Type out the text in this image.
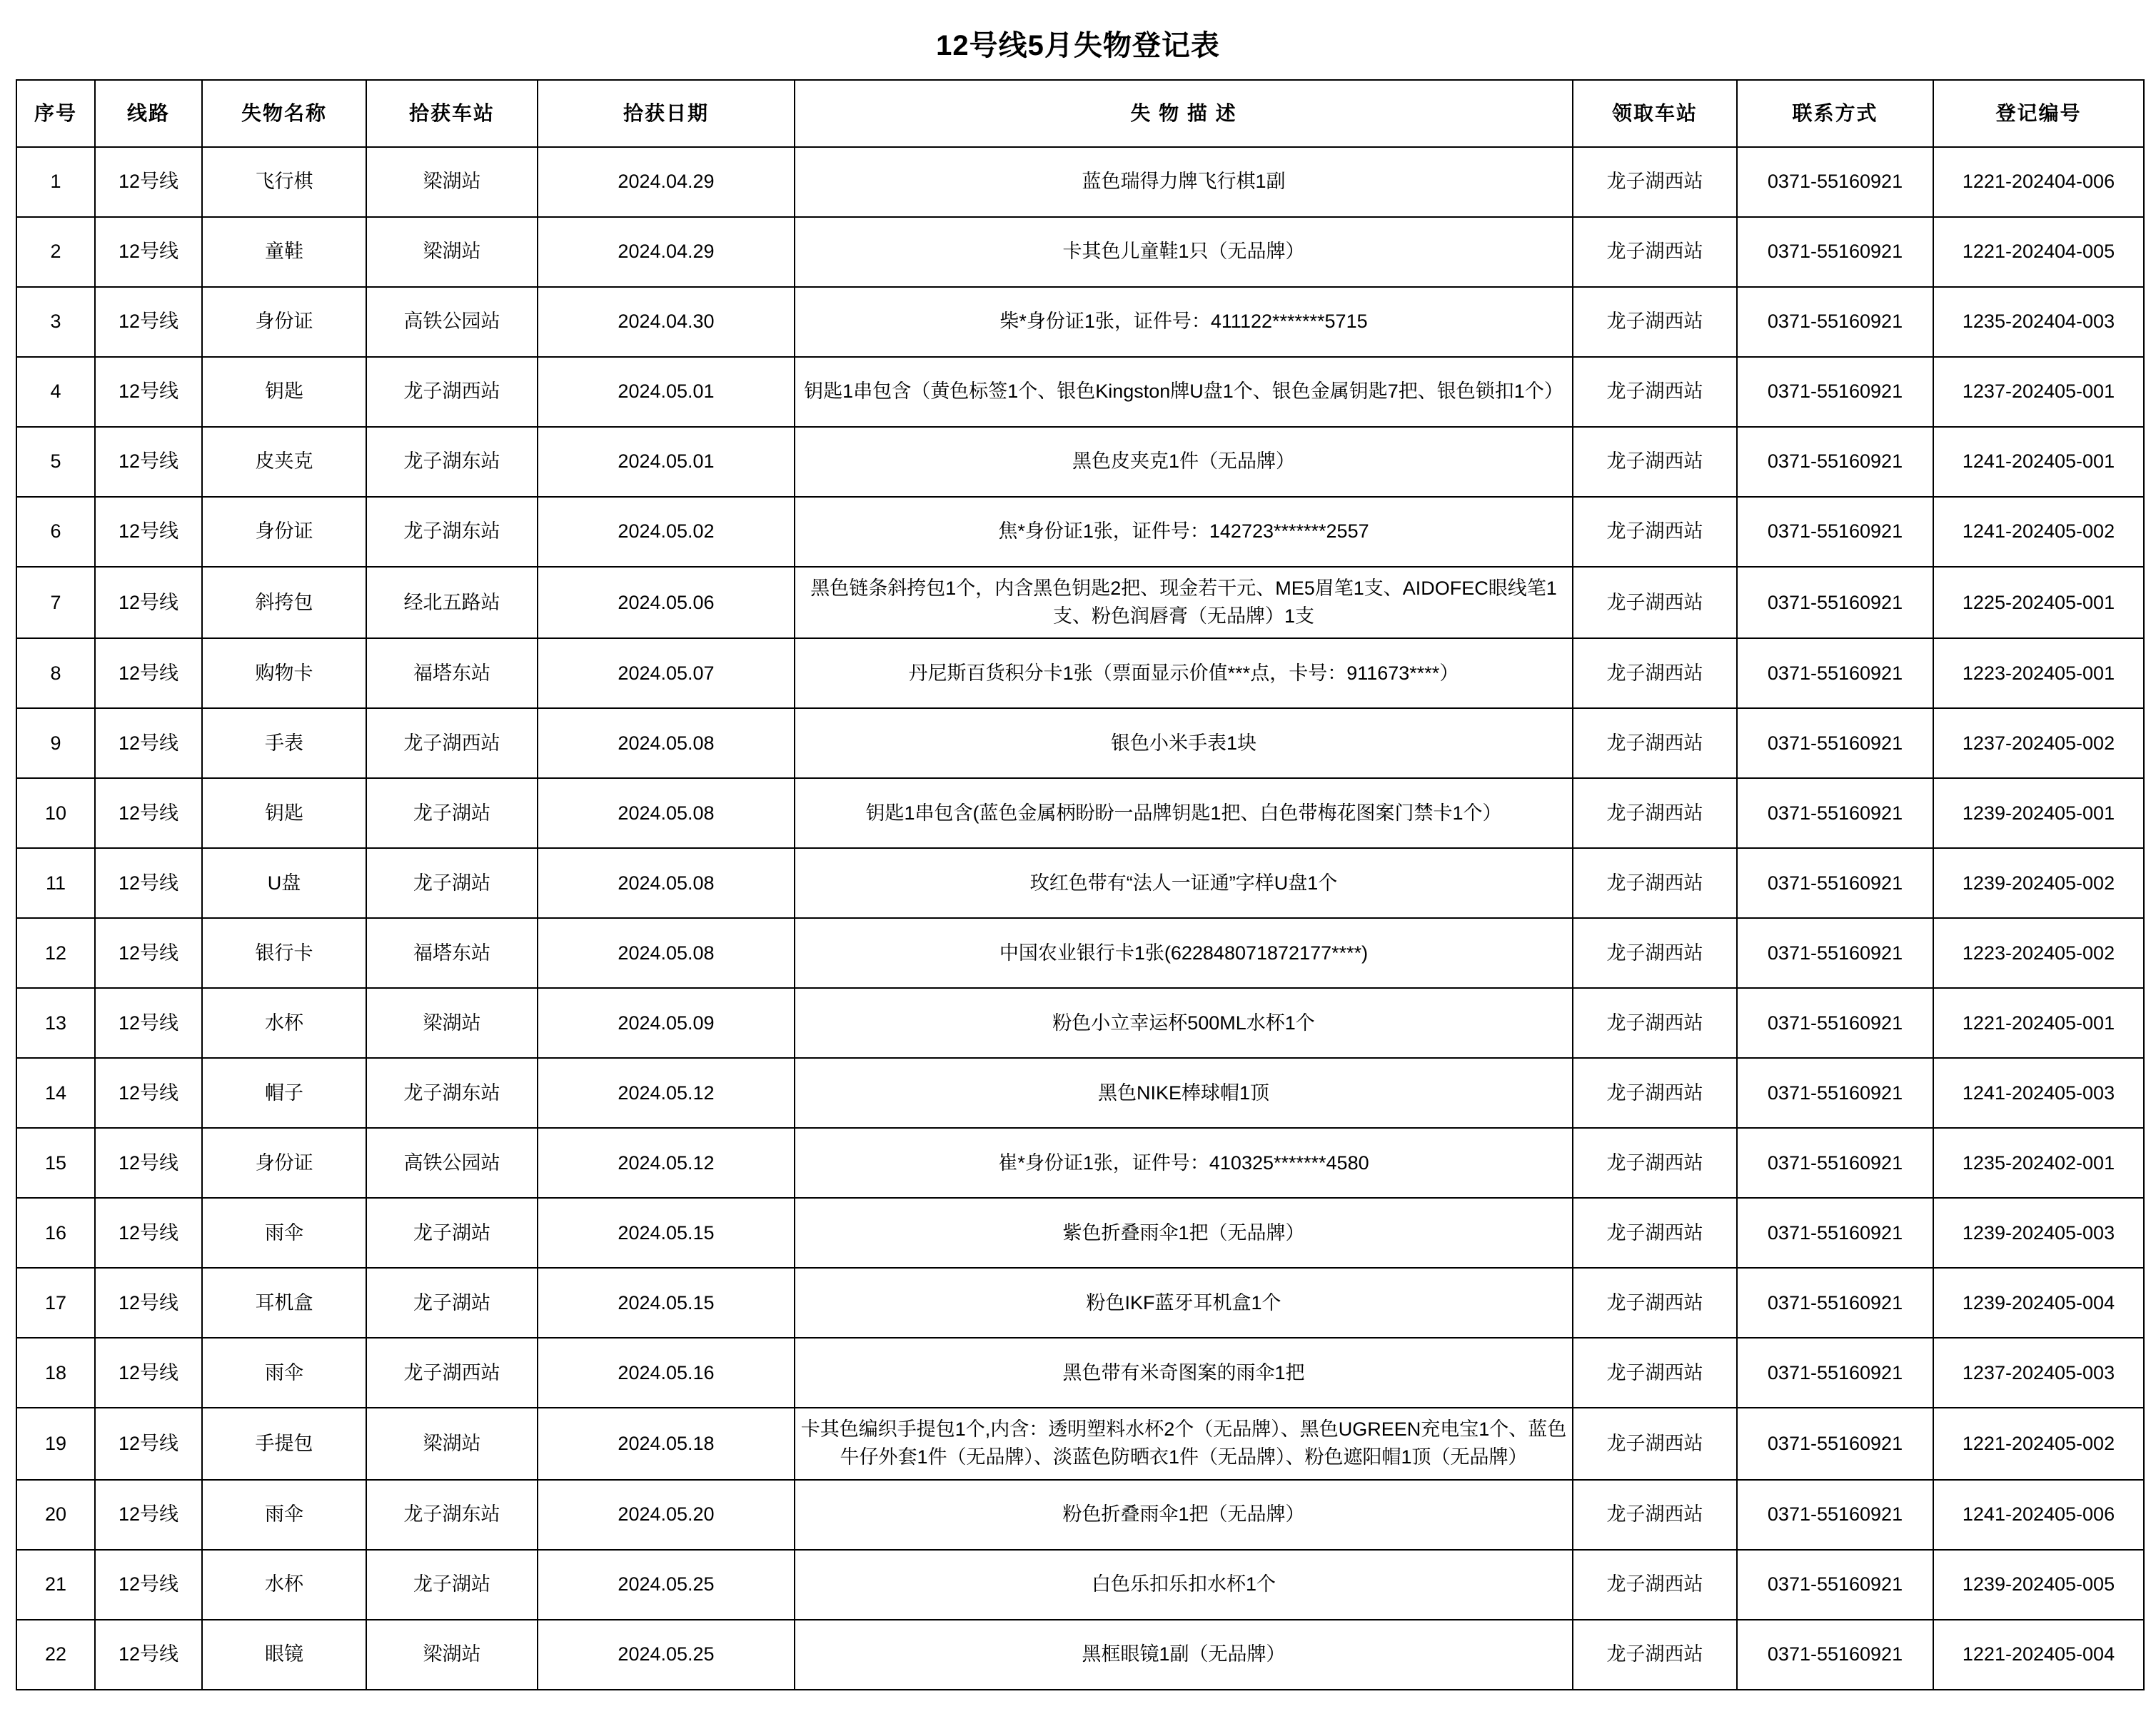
12号线5月失物登记表
序号	线路	失物名称	拾获车站	拾获日期	失 物 描 述	领取车站	联系方式	登记编号
1	12号线	飞行棋	梁湖站	2024.04.29	蓝色瑞得力牌飞行棋1副	龙子湖西站	0371-55160921	1221-202404-006
2	12号线	童鞋	梁湖站	2024.04.29	卡其色儿童鞋1只（无品牌）	龙子湖西站	0371-55160921	1221-202404-005
3	12号线	身份证	高铁公园站	2024.04.30	柴*身份证1张，证件号：411122*******5715	龙子湖西站	0371-55160921	1235-202404-003
4	12号线	钥匙	龙子湖西站	2024.05.01	钥匙1串包含（黄色标签1个、银色Kingston牌U盘1个、银色金属钥匙7把、银色锁扣1个）	龙子湖西站	0371-55160921	1237-202405-001
5	12号线	皮夹克	龙子湖东站	2024.05.01	黑色皮夹克1件（无品牌）	龙子湖西站	0371-55160921	1241-202405-001
6	12号线	身份证	龙子湖东站	2024.05.02	焦*身份证1张，证件号：142723*******2557	龙子湖西站	0371-55160921	1241-202405-002
7	12号线	斜挎包	经北五路站	2024.05.06	黑色链条斜挎包1个，内含黑色钥匙2把、现金若干元、ME5眉笔1支、AIDOFEC眼线笔1支、粉色润唇膏（无品牌）1支	龙子湖西站	0371-55160921	1225-202405-001
8	12号线	购物卡	福塔东站	2024.05.07	丹尼斯百货积分卡1张（票面显示价值***点，卡号：911673****）	龙子湖西站	0371-55160921	1223-202405-001
9	12号线	手表	龙子湖西站	2024.05.08	银色小米手表1块	龙子湖西站	0371-55160921	1237-202405-002
10	12号线	钥匙	龙子湖站	2024.05.08	钥匙1串包含(蓝色金属柄盼盼一品牌钥匙1把、白色带梅花图案门禁卡1个）	龙子湖西站	0371-55160921	1239-202405-001
11	12号线	U盘	龙子湖站	2024.05.08	玫红色带有“法人一证通”字样U盘1个	龙子湖西站	0371-55160921	1239-202405-002
12	12号线	银行卡	福塔东站	2024.05.08	中国农业银行卡1张(622848071872177****)	龙子湖西站	0371-55160921	1223-202405-002
13	12号线	水杯	梁湖站	2024.05.09	粉色小立幸运杯500ML水杯1个	龙子湖西站	0371-55160921	1221-202405-001
14	12号线	帽子	龙子湖东站	2024.05.12	黑色NIKE棒球帽1顶	龙子湖西站	0371-55160921	1241-202405-003
15	12号线	身份证	高铁公园站	2024.05.12	崔*身份证1张，证件号：410325*******4580	龙子湖西站	0371-55160921	1235-202402-001
16	12号线	雨伞	龙子湖站	2024.05.15	紫色折叠雨伞1把（无品牌）	龙子湖西站	0371-55160921	1239-202405-003
17	12号线	耳机盒	龙子湖站	2024.05.15	粉色IKF蓝牙耳机盒1个	龙子湖西站	0371-55160921	1239-202405-004
18	12号线	雨伞	龙子湖西站	2024.05.16	黑色带有米奇图案的雨伞1把	龙子湖西站	0371-55160921	1237-202405-003
19	12号线	手提包	梁湖站	2024.05.18	卡其色编织手提包1个,内含：透明塑料水杯2个（无品牌）、黑色UGREEN充电宝1个、蓝色牛仔外套1件（无品牌）、淡蓝色防晒衣1件（无品牌）、粉色遮阳帽1顶（无品牌）	龙子湖西站	0371-55160921	1221-202405-002
20	12号线	雨伞	龙子湖东站	2024.05.20	粉色折叠雨伞1把（无品牌）	龙子湖西站	0371-55160921	1241-202405-006
21	12号线	水杯	龙子湖站	2024.05.25	白色乐扣乐扣水杯1个	龙子湖西站	0371-55160921	1239-202405-005
22	12号线	眼镜	梁湖站	2024.05.25	黑框眼镜1副（无品牌）	龙子湖西站	0371-55160921	1221-202405-004
